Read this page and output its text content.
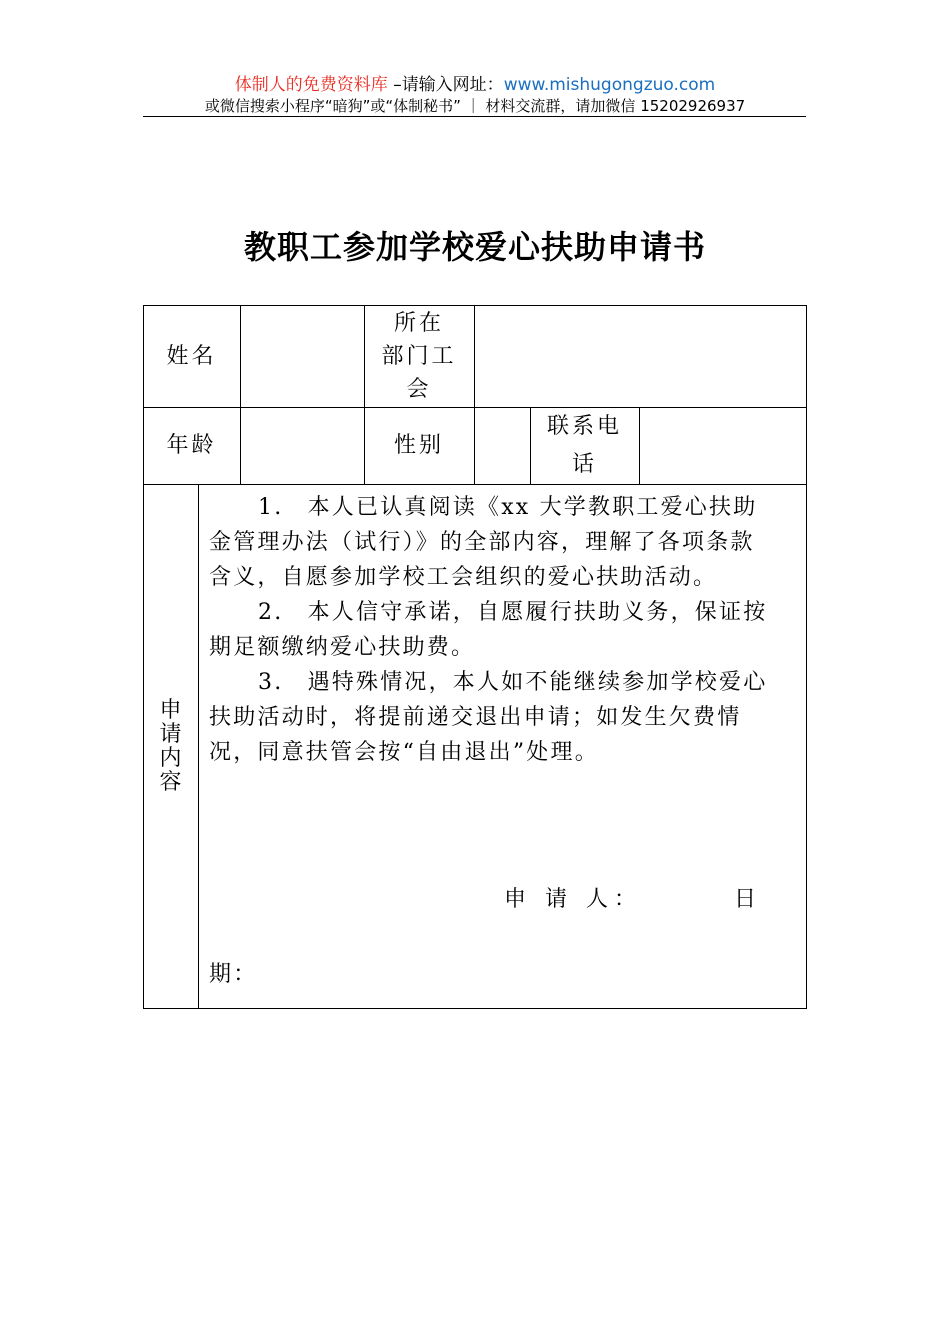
体制人的免费资料库 –请输入网址：www.mishugongzuo.com
或微信搜索小程序“暗狗”或“体制秘书” ｜ 材料交流群，请加微信 15202926937
教职工参加学校爱心扶助申请书
姓名
所在
部门工
会
年龄	性别
联系电
话
申
请
内
容
1.　本人已认真阅读《xx 大学教职工爱心扶助
金管理办法（试行）》的全部内容，理解了各项条款
含义，自愿参加学校工会组织的爱心扶助活动。
2.　本人信守承诺，自愿履行扶助义务，保证按
期足额缴纳爱心扶助费。
3.　遇特殊情况，本人如不能继续参加学校爱心
扶助活动时，将提前递交退出申请；如发生欠费情
况，同意扶管会按“自由退出”处理。
申 请 人：	日
期：
